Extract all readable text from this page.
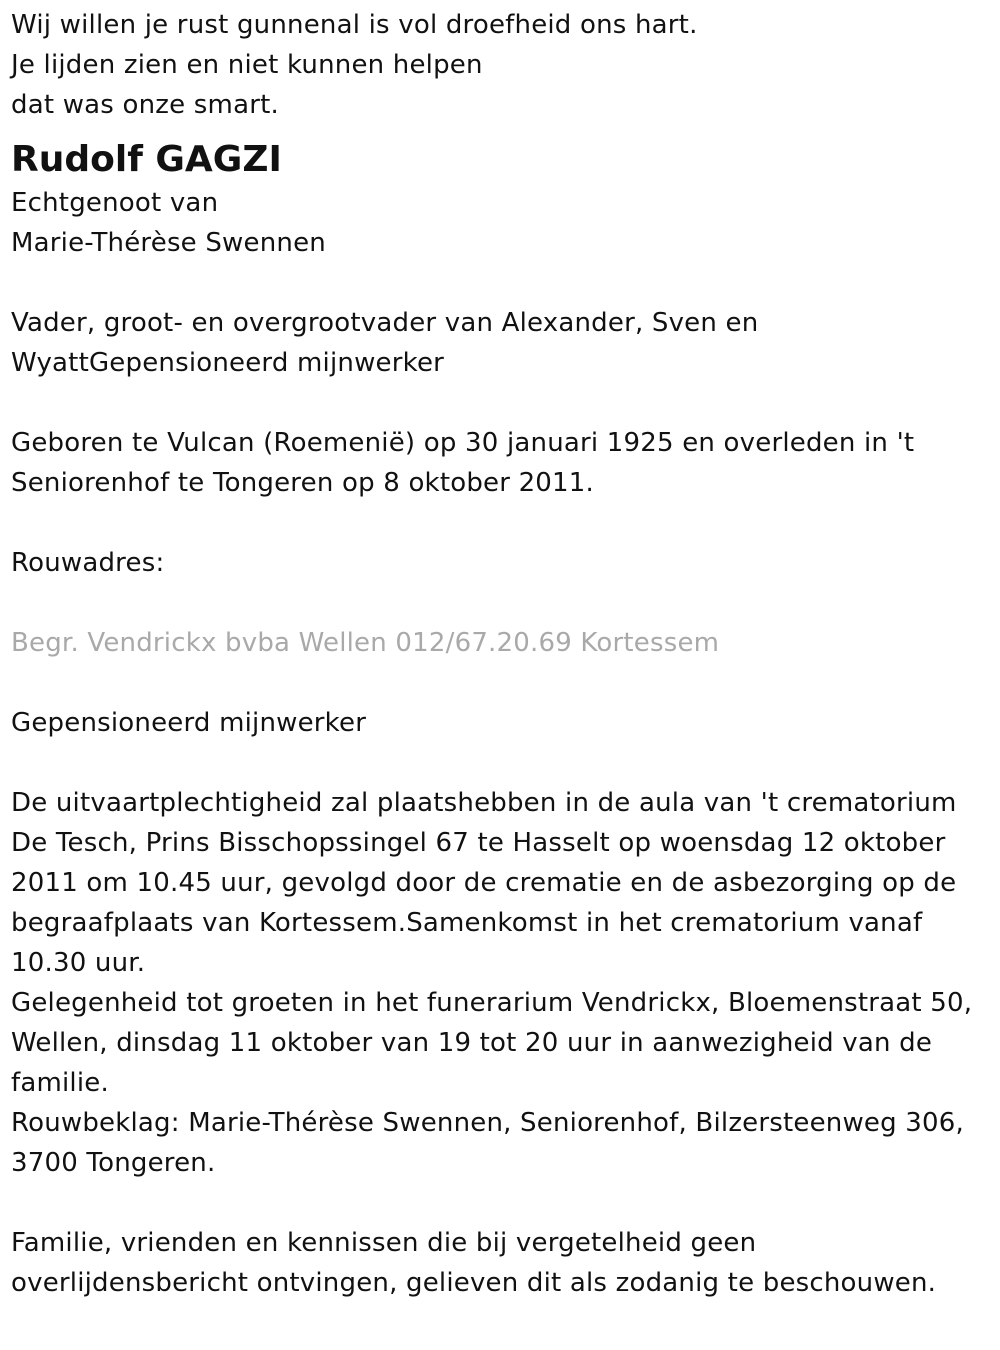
Wij willen je rust gunnenal is vol droefheid ons hart.
Je lijden zien en niet kunnen helpen
dat was onze smart.
Rudolf GAGZI
Echtgenoot van
Marie-Thérèse Swennen
Vader, groot- en overgrootvader van Alexander, Sven en
WyattGepensioneerd mijnwerker
Geboren te Vulcan (Roemenië) op 30 januari 1925 en overleden in 't
Seniorenhof te Tongeren op 8 oktober 2011.
Rouwadres:
Begr. Vendrickx bvba Wellen 012/67.20.69 Kortessem
Gepensioneerd mijnwerker
De uitvaartplechtigheid zal plaatshebben in de aula van 't crematorium
De Tesch, Prins Bisschopssingel 67 te Hasselt op woensdag 12 oktober
2011 om 10.45 uur, gevolgd door de crematie en de asbezorging op de
begraafplaats van Kortessem.Samenkomst in het crematorium vanaf
10.30 uur.
Gelegenheid tot groeten in het funerarium Vendrickx, Bloemenstraat 50,
Wellen, dinsdag 11 oktober van 19 tot 20 uur in aanwezigheid van de
familie.
Rouwbeklag: Marie-Thérèse Swennen, Seniorenhof, Bilzersteenweg 306,
3700 Tongeren.
Familie, vrienden en kennissen die bij vergetelheid geen
overlijdensbericht ontvingen, gelieven dit als zodanig te beschouwen.
